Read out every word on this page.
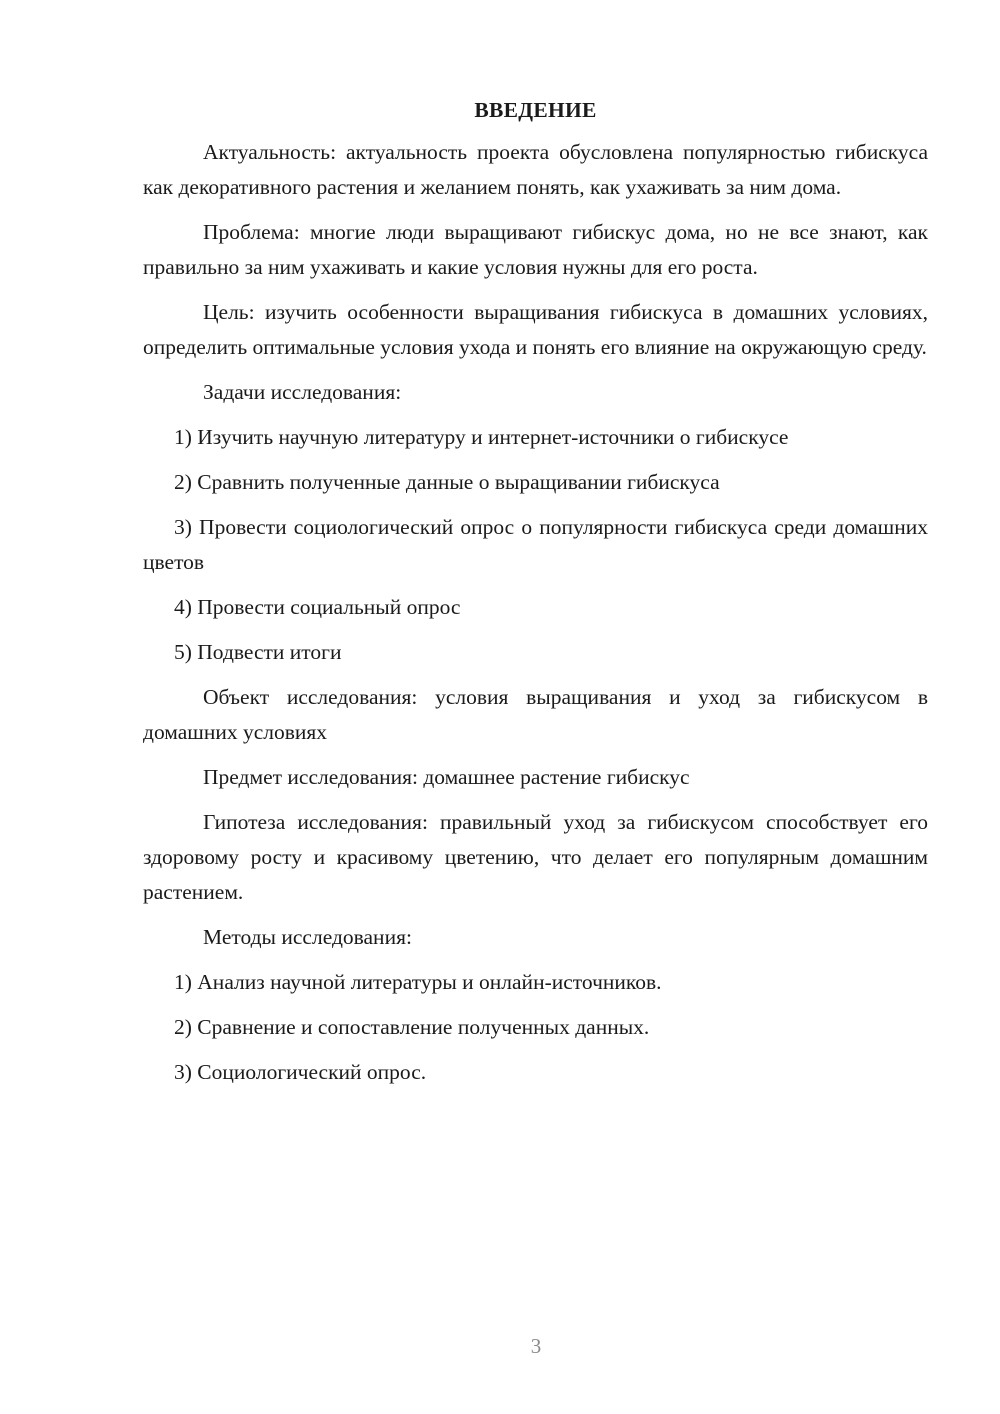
ВВЕДЕНИЕ

Актуальность: актуальность проекта обусловлена популярностью гибискуса как декоративного растения и желанием понять, как ухаживать за ним дома.

Проблема: многие люди выращивают гибискус дома, но не все знают, как правильно за ним ухаживать и какие условия нужны для его роста.

Цель: изучить особенности выращивания гибискуса в домашних условиях, определить оптимальные условия ухода и понять его влияние на окружающую среду.

Задачи исследования:

1) Изучить научную литературу и интернет-источники о гибискусе

2) Сравнить полученные данные о выращивании гибискуса

3) Провести социологический опрос о популярности гибискуса среди домашних цветов

4) Провести социальный опрос

5) Подвести итоги

Объект исследования: условия выращивания и уход за гибискусом в домашних условиях

Предмет исследования: домашнее растение гибискус

Гипотеза исследования: правильный уход за гибискусом способствует его здоровому росту и красивому цветению, что делает его популярным домашним растением.

Методы исследования:

1) Анализ научной литературы и онлайн-источников.

2) Сравнение и сопоставление полученных данных.

3) Социологический опрос.

3
